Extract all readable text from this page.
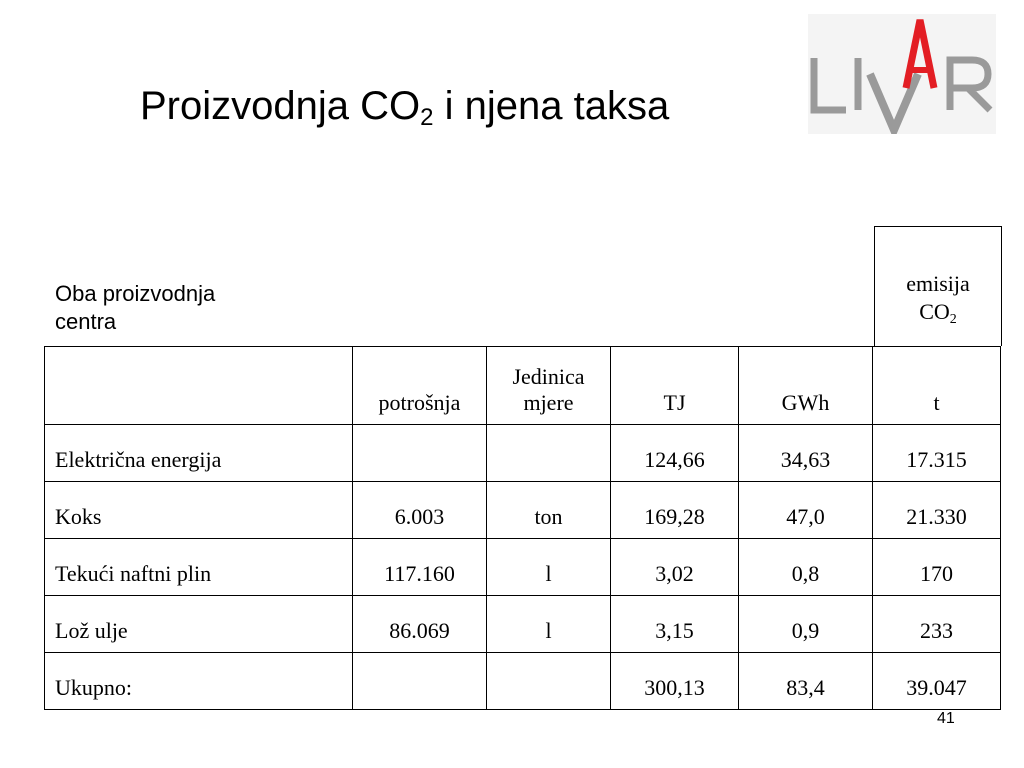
Proizvodnja $CO_2$ i njena taksa
Oba proizvodnja
centra
emisija
$CO_2$
	potrošnja	Jedinica mjere	TJ	GWh	t
Električna energija			124,66	34,63	17.315
Koks	6.003	ton	169,28	47,0	21.330
Tekući naftni plin	117.160	l	3,02	0,8	170
Lož ulje	86.069	l	3,15	0,9	233
Ukupno:			300,13	83,4	39.047
41
